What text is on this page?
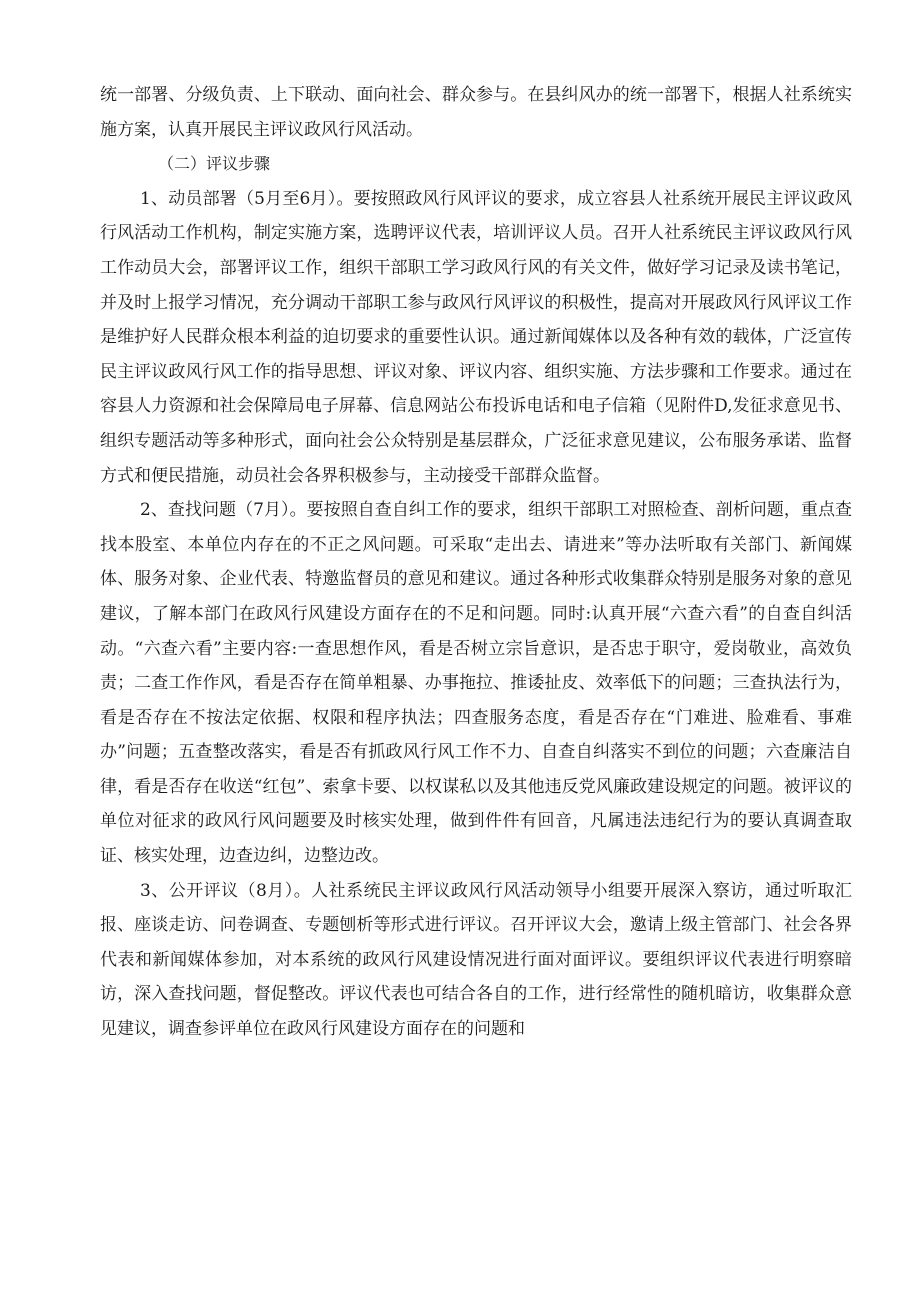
统一部署、分级负责、上下联动、面向社会、群众参与。在县纠风办的统一部署下，根据人社系统实施方案，认真开展民主评议政风行风活动。

（二）评议步骤

1、动员部署（5月至6月）。要按照政风行风评议的要求，成立容县人社系统开展民主评议政风行风活动工作机构，制定实施方案，选聘评议代表，培训评议人员。召开人社系统民主评议政风行风工作动员大会，部署评议工作，组织干部职工学习政风行风的有关文件，做好学习记录及读书笔记，并及时上报学习情况，充分调动干部职工参与政风行风评议的积极性，提高对开展政风行风评议工作是维护好人民群众根本利益的迫切要求的重要性认识。通过新闻媒体以及各种有效的载体，广泛宣传民主评议政风行风工作的指导思想、评议对象、评议内容、组织实施、方法步骤和工作要求。通过在容县人力资源和社会保障局电子屏幕、信息网站公布投诉电话和电子信箱（见附件D,发征求意见书、组织专题活动等多种形式，面向社会公众特别是基层群众，广泛征求意见建议，公布服务承诺、监督方式和便民措施，动员社会各界积极参与，主动接受干部群众监督。

2、查找问题（7月）。要按照自查自纠工作的要求，组织干部职工对照检查、剖析问题，重点查找本股室、本单位内存在的不正之风问题。可采取“走出去、请进来”等办法听取有关部门、新闻媒体、服务对象、企业代表、特邀监督员的意见和建议。通过各种形式收集群众特别是服务对象的意见建议，了解本部门在政风行风建设方面存在的不足和问题。同时:认真开展“六查六看”的自查自纠活动。“六查六看”主要内容:一查思想作风，看是否树立宗旨意识，是否忠于职守，爱岗敬业，高效负责；二查工作作风，看是否存在简单粗暴、办事拖拉、推诿扯皮、效率低下的问题；三查执法行为，看是否存在不按法定依据、权限和程序执法；四查服务态度，看是否存在“门难进、脸难看、事难办”问题；五查整改落实，看是否有抓政风行风工作不力、自查自纠落实不到位的问题；六查廉洁自律，看是否存在收送“红包”、索拿卡要、以权谋私以及其他违反党风廉政建设规定的问题。被评议的单位对征求的政风行风问题要及时核实处理，做到件件有回音，凡属违法违纪行为的要认真调查取证、核实处理，边查边纠，边整边改。

3、公开评议（8月）。人社系统民主评议政风行风活动领导小组要开展深入察访，通过听取汇报、座谈走访、问卷调查、专题刨析等形式进行评议。召开评议大会，邀请上级主管部门、社会各界代表和新闻媒体参加，对本系统的政风行风建设情况进行面对面评议。要组织评议代表进行明察暗访，深入查找问题，督促整改。评议代表也可结合各自的工作，进行经常性的随机暗访，收集群众意见建议，调查参评单位在政风行风建设方面存在的问题和
